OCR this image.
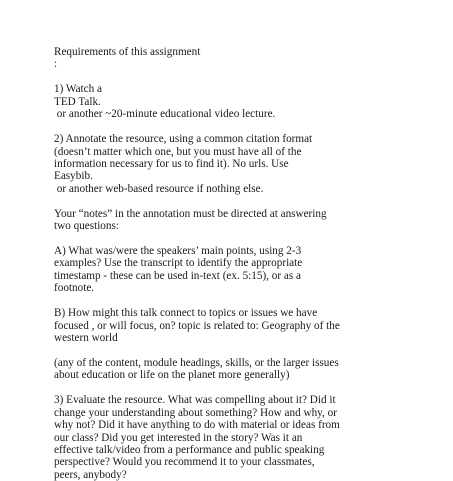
Requirements of this assignment
:
1) Watch a
TED Talk.
or another ~20-minute educational video lecture.
2) Annotate the resource, using a common citation format
(doesn’t matter which one, but you must have all of the
information necessary for us to find it). No urls. Use
Easybib.
or another web-based resource if nothing else.
Your “notes” in the annotation must be directed at answering
two questions:
A) What was/were the speakers’ main points, using 2-3
examples? Use the transcript to identify the appropriate
timestamp - these can be used in-text (ex. 5:15), or as a
footnote.
B) How might this talk connect to topics or issues we have
focused , or will focus, on? topic is related to: Geography of the
western world
(any of the content, module headings, skills, or the larger issues
about education or life on the planet more generally)
3) Evaluate the resource. What was compelling about it? Did it
change your understanding about something? How and why, or
why not? Did it have anything to do with material or ideas from
our class? Did you get interested in the story? Was it an
effective talk/video from a performance and public speaking
perspective? Would you recommend it to your classmates,
peers, anybody?
